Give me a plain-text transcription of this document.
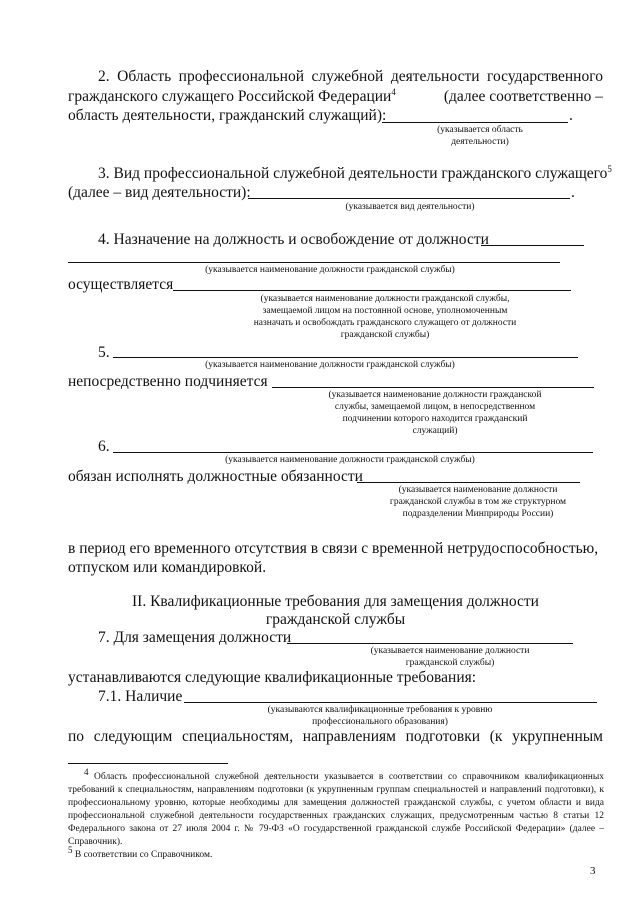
2. Область профессиональной служебной деятельности государственного
гражданского служащего Российской Федерации$^4$	(далее соответственно –
область деятельности, гражданский служащий):	.
(указывается область
деятельности)
3. Вид профессиональной служебной деятельности гражданского служащего$^5$
(далее – вид деятельности):	.
(указывается вид деятельности)
4. Назначение на должность и освобождение от должности
(указывается наименование должности гражданской службы)
осуществляется
(указывается наименование должности гражданской службы,
замещаемой лицом на постоянной основе, уполномоченным
назначать и освобождать гражданского служащего от должности
гражданской службы)
5.
(указывается наименование должности гражданской службы)
непосредственно подчиняется
(указывается наименование должности гражданской
службы, замещаемой лицом, в непосредственном
подчинении которого находится гражданский
служащий)
6.
(указывается наименование должности гражданской службы)
обязан исполнять должностные обязанности
(указывается наименование должности
гражданской службы в том же структурном
подразделении Минприроды России)
в период его временного отсутствия в связи с временной нетрудоспособностью,
отпуском или командировкой.
II. Квалификационные требования для замещения должности
гражданской службы
7. Для замещения должности
(указывается наименование должности
гражданской службы)
устанавливаются следующие квалификационные требования:
7.1. Наличие
(указываются квалификационные требования к уровню
профессионального образования)
по следующим специальностям, направлениям подготовки (к укрупненным
$^4$ Область профессиональной служебной деятельности указывается в соответствии со справочником квалификационных требований к специальностям, направлениям подготовки (к укрупненным группам специальностей и направлений подготовки), к профессиональному уровню, которые необходимы для замещения должностей гражданской службы, с учетом области и вида профессиональной служебной деятельности государственных гражданских служащих, предусмотренным частью 8 статьи 12 Федерального закона от 27 июля 2004 г. № 79-ФЗ «О государственной гражданской службе Российской Федерации» (далее – Справочник).
$^5$ В соответствии со Справочником.
3
